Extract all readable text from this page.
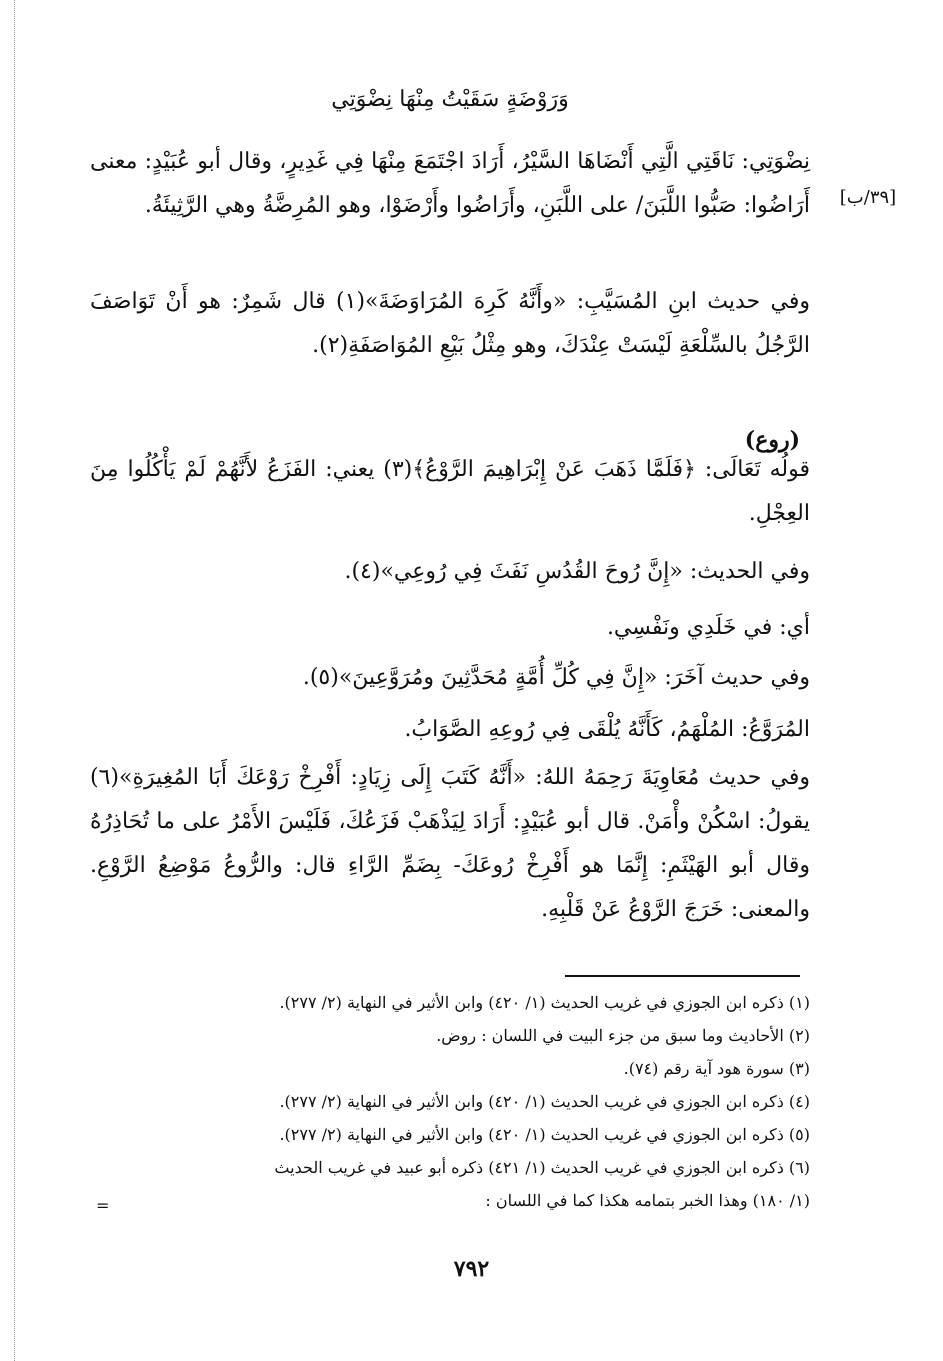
وَرَوْضَةٍ سَقَيْتُ مِنْهَا نِضْوَتِي
[٣٩/ب]
نِضْوَتِي: نَاقَتِي الَّتِي أَنْضَاهَا السَّيْرُ، أَرَادَ اجْتَمَعَ مِنْهَا فِي غَدِيرٍ، وقال أبو عُبَيْدٍ: معنى أَرَاضُوا: صَبُّوا اللَّبَنَ/ على اللَّبَنِ، وأَرَاضُوا وأَرْضَوْا، وهو المُرِضَّةُ وهي الرَّثِيئَةُ.
وفي حديث ابنِ المُسَيَّبِ: «وأَنَّهُ كَرِهَ المُرَاوَضَةَ»(١) قال شَمِرٌ: هو أَنْ تَوَاصَفَ الرَّجُلُ بالسِّلْعَةِ لَيْسَتْ عِنْدَكَ، وهو مِثْلُ بَيْعِ المُوَاصَفَةِ(٢).
(روع)
قولُه تَعَالَى: ﴿فَلَمَّا ذَهَبَ عَنْ إِبْرَاهِيمَ الرَّوْعُ﴾(٣) يعني: الفَزَعُ لأَنَّهُمْ لَمْ يَأْكُلُوا مِنَ العِجْلِ.
وفي الحديث: «إِنَّ رُوحَ القُدُسِ نَفَثَ فِي رُوعِي»(٤).
أي: في خَلَدِي ونَفْسِي.
وفي حديث آخَرَ: «إِنَّ فِي كُلِّ أُمَّةٍ مُحَدَّثِينَ ومُرَوَّعِينَ»(٥).
المُرَوَّعُ: المُلْهَمُ، كَأَنَّهُ يُلْقَى فِي رُوعِهِ الصَّوَابُ.
وفي حديث مُعَاوِيَةَ رَحِمَهُ اللهُ: «أَنَّهُ كَتَبَ إِلَى زِيَادٍ: أَفْرِخْ رَوْعَكَ أَبَا المُغِيرَةِ»(٦) يقولُ: اسْكُنْ وأْمَنْ. قال أبو عُبَيْدٍ: أَرَادَ لِيَذْهَبْ فَزَعُكَ، فَلَيْسَ الأَمْرُ على ما تُحَاذِرُهُ وقال أبو الهَيْثَمِ: إِنَّمَا هو أَفْرِخْ رُوعَكَ- بِضَمِّ الرَّاءِ قال: والرُّوعُ مَوْضِعُ الرَّوْعِ. والمعنى: خَرَجَ الرَّوْعُ عَنْ قَلْبِهِ.
(١) ذكره ابن الجوزي في غريب الحديث (١/ ٤٢٠) وابن الأثير في النهاية (٢/ ٢٧٧).
(٢) الأحاديث وما سبق من جزء البيت في اللسان : روض.
(٣) سورة هود آية رقم (٧٤).
(٤) ذكره ابن الجوزي في غريب الحديث (١/ ٤٢٠) وابن الأثير في النهاية (٢/ ٢٧٧).
(٥) ذكره ابن الجوزي في غريب الحديث (١/ ٤٢٠) وابن الأثير في النهاية (٢/ ٢٧٧).
(٦) ذكره ابن الجوزي في غريب الحديث (١/ ٤٢١) ذكره أبو عبيد في غريب الحديث
(١/ ١٨٠) وهذا الخبر بتمامه هكذا كما في اللسان :
=
٧٩٢
